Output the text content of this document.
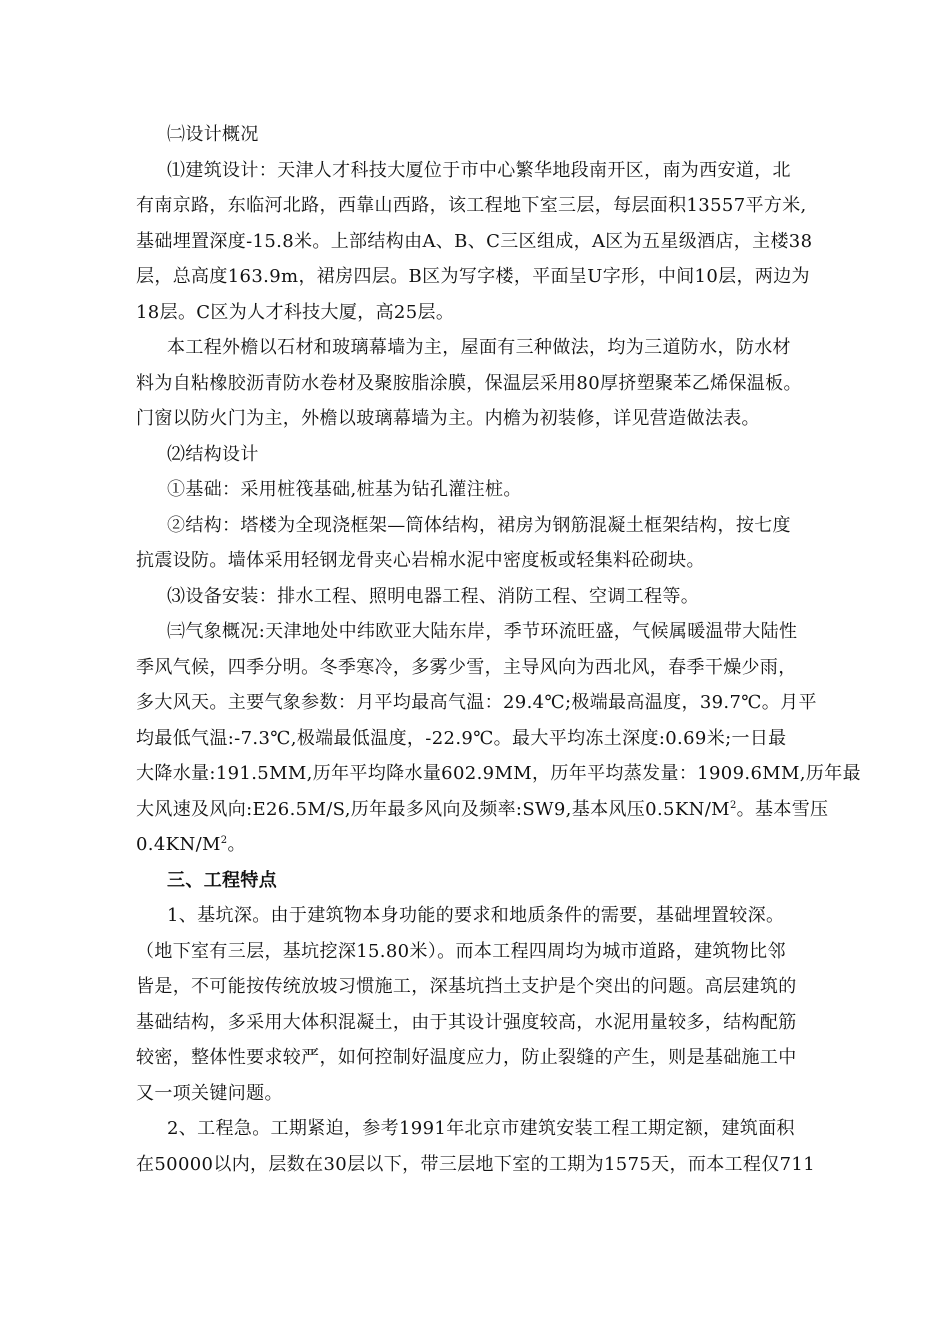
㈡设计概况
⑴建筑设计：天津人才科技大厦位于市中心繁华地段南开区，南为西安道，北
有南京路，东临河北路，西靠山西路，该工程地下室三层，每层面积13557平方米,
基础埋置深度-15.8米。上部结构由A、B、C三区组成，A区为五星级酒店，主楼38
层，总高度163.9m，裙房四层。B区为写字楼，平面呈U字形，中间10层，两边为
18层。C区为人才科技大厦，高25层。
本工程外檐以石材和玻璃幕墙为主，屋面有三种做法，均为三道防水，防水材
料为自粘橡胶沥青防水卷材及聚胺脂涂膜，保温层采用80厚挤塑聚苯乙烯保温板。
门窗以防火门为主，外檐以玻璃幕墙为主。内檐为初装修，详见营造做法表。
⑵结构设计
①基础：采用桩筏基础,桩基为钻孔灌注桩。
②结构：塔楼为全现浇框架—筒体结构，裙房为钢筋混凝土框架结构，按七度
抗震设防。墙体采用轻钢龙骨夹心岩棉水泥中密度板或轻集料砼砌块。
⑶设备安装：排水工程、照明电器工程、消防工程、空调工程等。
㈢气象概况:天津地处中纬欧亚大陆东岸，季节环流旺盛，气候属暖温带大陆性
季风气候，四季分明。冬季寒冷，多雾少雪，主导风向为西北风，春季干燥少雨，
多大风天。主要气象参数：月平均最高气温：29.4℃;极端最高温度，39.7℃。月平
均最低气温:-7.3℃,极端最低温度，-22.9℃。最大平均冻土深度:0.69米;一日最
大降水量:191.5MM,历年平均降水量602.9MM，历年平均蒸发量：1909.6MM,历年最
大风速及风向:E26.5M/S,历年最多风向及频率:SW9,基本风压$0.5KN/M^2$。基本雪压
$0.4KN/M^2$。
三、工程特点
1、基坑深。由于建筑物本身功能的要求和地质条件的需要，基础埋置较深。
（地下室有三层，基坑挖深15.80米）。而本工程四周均为城市道路，建筑物比邻
皆是，不可能按传统放坡习惯施工，深基坑挡土支护是个突出的问题。高层建筑的
基础结构，多采用大体积混凝土，由于其设计强度较高，水泥用量较多，结构配筋
较密，整体性要求较严，如何控制好温度应力，防止裂缝的产生，则是基础施工中
又一项关键问题。
2、工程急。工期紧迫，参考1991年北京市建筑安装工程工期定额，建筑面积
在50000以内，层数在30层以下，带三层地下室的工期为1575天，而本工程仅711
